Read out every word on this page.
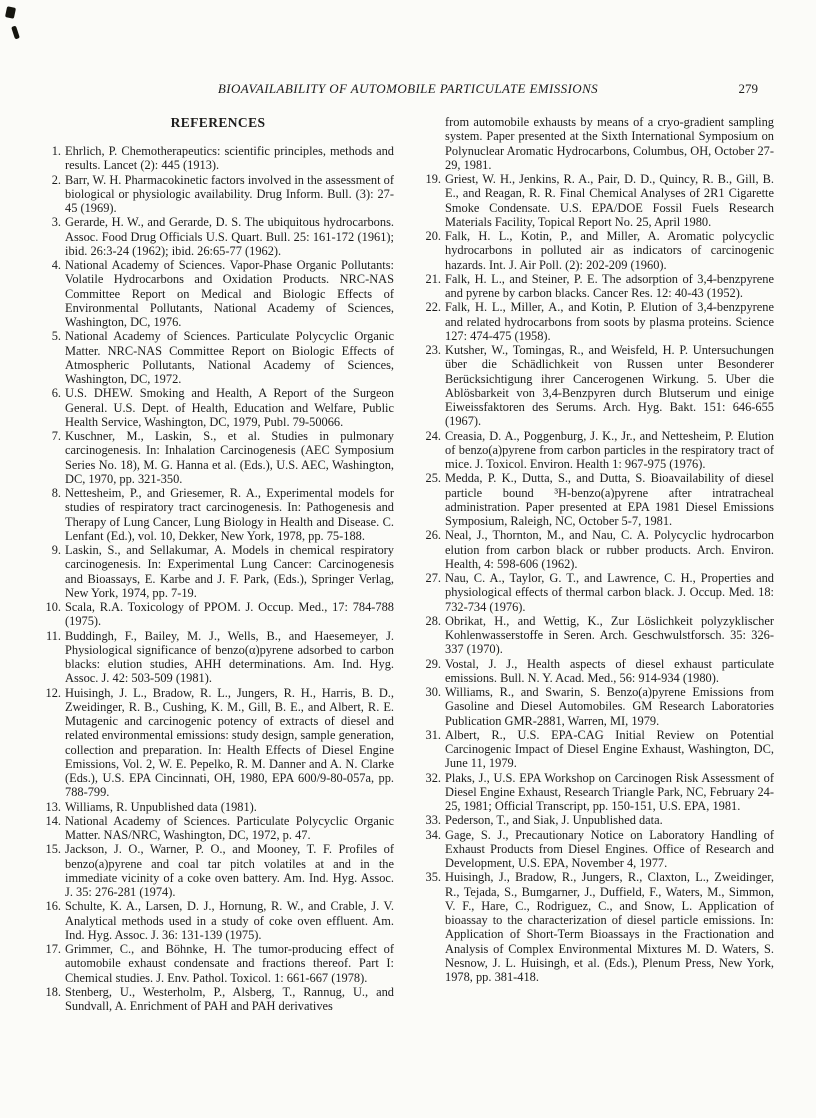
BIOAVAILABILITY OF AUTOMOBILE PARTICULATE EMISSIONS	279
REFERENCES
1. Ehrlich, P. Chemotherapeutics: scientific principles, methods and results. Lancet (2): 445 (1913).
2. Barr, W. H. Pharmacokinetic factors involved in the assessment of biological or physiologic availability. Drug Inform. Bull. (3): 27-45 (1969).
3. Gerarde, H. W., and Gerarde, D. S. The ubiquitous hydrocarbons. Assoc. Food Drug Officials U.S. Quart. Bull. 25: 161-172 (1961); ibid. 26:3-24 (1962); ibid. 26:65-77 (1962).
4. National Academy of Sciences. Vapor-Phase Organic Pollutants: Volatile Hydrocarbons and Oxidation Products. NRC-NAS Committee Report on Medical and Biologic Effects of Environmental Pollutants, National Academy of Sciences, Washington, DC, 1976.
5. National Academy of Sciences. Particulate Polycyclic Organic Matter. NRC-NAS Committee Report on Biologic Effects of Atmospheric Pollutants, National Academy of Sciences, Washington, DC, 1972.
6. U.S. DHEW. Smoking and Health, A Report of the Surgeon General. U.S. Dept. of Health, Education and Welfare, Public Health Service, Washington, DC, 1979, Publ. 79-50066.
7. Kuschner, M., Laskin, S., et al. Studies in pulmonary carcinogenesis. In: Inhalation Carcinogenesis (AEC Symposium Series No. 18), M. G. Hanna et al. (Eds.), U.S. AEC, Washington, DC, 1970, pp. 321-350.
8. Nettesheim, P., and Griesemer, R. A., Experimental models for studies of respiratory tract carcinogenesis. In: Pathogenesis and Therapy of Lung Cancer, Lung Biology in Health and Disease. C. Lenfant (Ed.), vol. 10, Dekker, New York, 1978, pp. 75-188.
9. Laskin, S., and Sellakumar, A. Models in chemical respiratory carcinogenesis. In: Experimental Lung Cancer: Carcinogenesis and Bioassays, E. Karbe and J. F. Park, (Eds.), Springer Verlag, New York, 1974, pp. 7-19.
10. Scala, R.A. Toxicology of PPOM. J. Occup. Med., 17: 784-788 (1975).
11. Buddingh, F., Bailey, M. J., Wells, B., and Haesemeyer, J. Physiological significance of benzo(α)pyrene adsorbed to carbon blacks: elution studies, AHH determinations. Am. Ind. Hyg. Assoc. J. 42: 503-509 (1981).
12. Huisingh, J. L., Bradow, R. L., Jungers, R. H., Harris, B. D., Zweidinger, R. B., Cushing, K. M., Gill, B. E., and Albert, R. E. Mutagenic and carcinogenic potency of extracts of diesel and related environmental emissions: study design, sample generation, collection and preparation. In: Health Effects of Diesel Engine Emissions, Vol. 2, W. E. Pepelko, R. M. Danner and A. N. Clarke (Eds.), U.S. EPA Cincinnati, OH, 1980, EPA 600/9-80-057a, pp. 788-799.
13. Williams, R. Unpublished data (1981).
14. National Academy of Sciences. Particulate Polycyclic Organic Matter. NAS/NRC, Washington, DC, 1972, p. 47.
15. Jackson, J. O., Warner, P. O., and Mooney, T. F. Profiles of benzo(a)pyrene and coal tar pitch volatiles at and in the immediate vicinity of a coke oven battery. Am. Ind. Hyg. Assoc. J. 35: 276-281 (1974).
16. Schulte, K. A., Larsen, D. J., Hornung, R. W., and Crable, J. V. Analytical methods used in a study of coke oven effluent. Am. Ind. Hyg. Assoc. J. 36: 131-139 (1975).
17. Grimmer, C., and Böhnke, H. The tumor-producing effect of automobile exhaust condensate and fractions thereof. Part I: Chemical studies. J. Env. Pathol. Toxicol. 1: 661-667 (1978).
18. Stenberg, U., Westerholm, P., Alsberg, T., Rannug, U., and Sundvall, A. Enrichment of PAH and PAH derivatives
from automobile exhausts by means of a cryo-gradient sampling system. Paper presented at the Sixth International Symposium on Polynuclear Aromatic Hydrocarbons, Columbus, OH, October 27-29, 1981.
19. Griest, W. H., Jenkins, R. A., Pair, D. D., Quincy, R. B., Gill, B. E., and Reagan, R. R. Final Chemical Analyses of 2R1 Cigarette Smoke Condensate. U.S. EPA/DOE Fossil Fuels Research Materials Facility, Topical Report No. 25, April 1980.
20. Falk, H. L., Kotin, P., and Miller, A. Aromatic polycyclic hydrocarbons in polluted air as indicators of carcinogenic hazards. Int. J. Air Poll. (2): 202-209 (1960).
21. Falk, H. L., and Steiner, P. E. The adsorption of 3,4-benzpyrene and pyrene by carbon blacks. Cancer Res. 12: 40-43 (1952).
22. Falk, H. L., Miller, A., and Kotin, P. Elution of 3,4-benzpyrene and related hydrocarbons from soots by plasma proteins. Science 127: 474-475 (1958).
23. Kutsher, W., Tomingas, R., and Weisfeld, H. P. Untersuchungen über die Schädlichkeit von Russen unter Besonderer Berücksichtigung ihrer Cancerogenen Wirkung. 5. Uber die Ablösbarkeit von 3,4-Benzpyren durch Blutserum und einige Eiweissfaktoren des Serums. Arch. Hyg. Bakt. 151: 646-655 (1967).
24. Creasia, D. A., Poggenburg, J. K., Jr., and Nettesheim, P. Elution of benzo(a)pyrene from carbon particles in the respiratory tract of mice. J. Toxicol. Environ. Health 1: 967-975 (1976).
25. Medda, P. K., Dutta, S., and Dutta, S. Bioavailability of diesel particle bound ³H-benzo(a)pyrene after intratracheal administration. Paper presented at EPA 1981 Diesel Emissions Symposium, Raleigh, NC, October 5-7, 1981.
26. Neal, J., Thornton, M., and Nau, C. A. Polycyclic hydrocarbon elution from carbon black or rubber products. Arch. Environ. Health, 4: 598-606 (1962).
27. Nau, C. A., Taylor, G. T., and Lawrence, C. H., Properties and physiological effects of thermal carbon black. J. Occup. Med. 18: 732-734 (1976).
28. Obrikat, H., and Wettig, K., Zur Löslichkeit polyzyklischer Kohlenwasserstoffe in Seren. Arch. Geschwulstforsch. 35: 326-337 (1970).
29. Vostal, J. J., Health aspects of diesel exhaust particulate emissions. Bull. N. Y. Acad. Med., 56: 914-934 (1980).
30. Williams, R., and Swarin, S. Benzo(a)pyrene Emissions from Gasoline and Diesel Automobiles. GM Research Laboratories Publication GMR-2881, Warren, MI, 1979.
31. Albert, R., U.S. EPA-CAG Initial Review on Potential Carcinogenic Impact of Diesel Engine Exhaust, Washington, DC, June 11, 1979.
32. Plaks, J., U.S. EPA Workshop on Carcinogen Risk Assessment of Diesel Engine Exhaust, Research Triangle Park, NC, February 24-25, 1981; Official Transcript, pp. 150-151, U.S. EPA, 1981.
33. Pederson, T., and Siak, J. Unpublished data.
34. Gage, S. J., Precautionary Notice on Laboratory Handling of Exhaust Products from Diesel Engines. Office of Research and Development, U.S. EPA, November 4, 1977.
35. Huisingh, J., Bradow, R., Jungers, R., Claxton, L., Zweidinger, R., Tejada, S., Bumgarner, J., Duffield, F., Waters, M., Simmon, V. F., Hare, C., Rodriguez, C., and Snow, L. Application of bioassay to the characterization of diesel particle emissions. In: Application of Short-Term Bioassays in the Fractionation and Analysis of Complex Environmental Mixtures M. D. Waters, S. Nesnow, J. L. Huisingh, et al. (Eds.), Plenum Press, New York, 1978, pp. 381-418.
